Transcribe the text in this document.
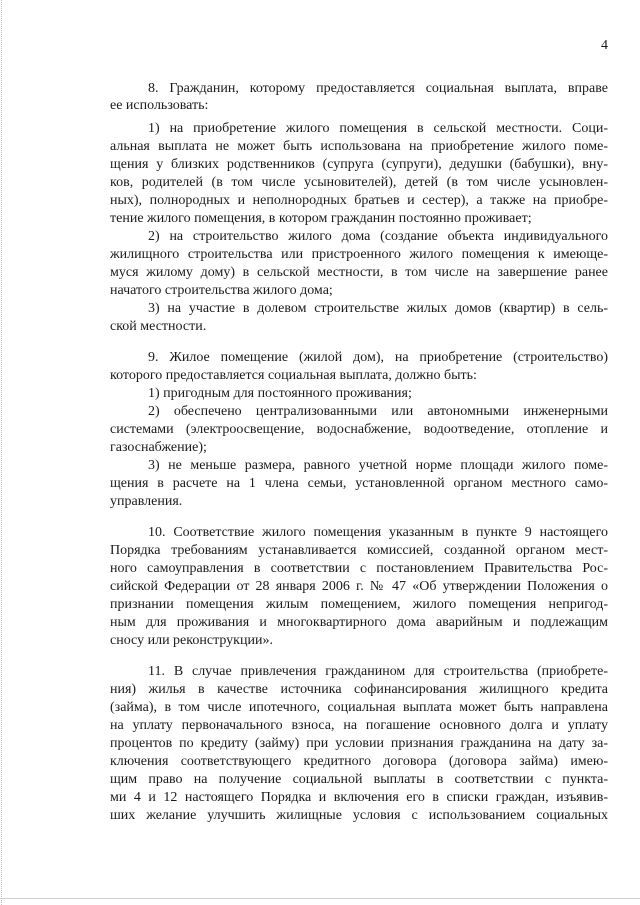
4
8. Гражданин, которому предоставляется социальная выплата, вправе
ее использовать:
1) на приобретение жилого помещения в сельской местности. Соци-
альная выплата не может быть использована на приобретение жилого поме-
щения у близких родственников (супруга (супруги), дедушки (бабушки), вну-
ков, родителей (в том числе усыновителей), детей (в том числе усыновлен-
ных), полнородных и неполнородных братьев и сестер), а также на приобре-
тение жилого помещения, в котором гражданин постоянно проживает;
2) на строительство жилого дома (создание объекта индивидуального
жилищного строительства или пристроенного жилого помещения к имеюще-
муся жилому дому) в сельской местности, в том числе на завершение ранее
начатого строительства жилого дома;
3) на участие в долевом строительстве жилых домов (квартир) в сель-
ской местности.
9. Жилое помещение (жилой дом), на приобретение (строительство)
которого предоставляется социальная выплата, должно быть:
1) пригодным для постоянного проживания;
2) обеспечено централизованными или автономными инженерными
системами (электроосвещение, водоснабжение, водоотведение, отопление и
газоснабжение);
3) не меньше размера, равного учетной норме площади жилого поме-
щения в расчете на 1 члена семьи, установленной органом местного само-
управления.
10. Соответствие жилого помещения указанным в пункте 9 настоящего
Порядка требованиям устанавливается комиссией, созданной органом мест-
ного самоуправления в соответствии с постановлением Правительства Рос-
сийской Федерации от 28 января 2006 г. № 47 «Об утверждении Положения о
признании помещения жилым помещением, жилого помещения непригод-
ным для проживания и многоквартирного дома аварийным и подлежащим
сносу или реконструкции».
11. В случае привлечения гражданином для строительства (приобрете-
ния) жилья в качестве источника софинансирования жилищного кредита
(займа), в том числе ипотечного, социальная выплата может быть направлена
на уплату первоначального взноса, на погашение основного долга и уплату
процентов по кредиту (займу) при условии признания гражданина на дату за-
ключения соответствующего кредитного договора (договора займа) имею-
щим право на получение социальной выплаты в соответствии с пункта-
ми 4 и 12 настоящего Порядка и включения его в списки граждан, изъявив-
ших желание улучшить жилищные условия с использованием социальных
